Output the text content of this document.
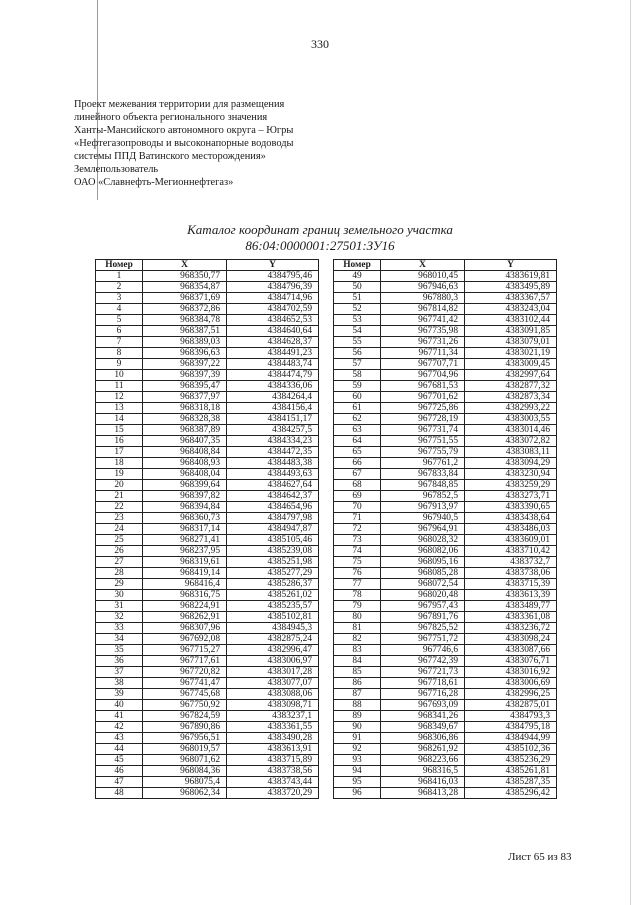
330
Проект межевания территории для размещения
линейного объекта регионального значения
Ханты-Мансийского автономного округа – Югры
«Нефтегазопроводы и высоконапорные водоводы
системы ППД Ватинского месторождения»
Землепользователь
ОАО «Славнефть-Мегионнефтегаз»
Каталог координат границ земельного участка
86:04:0000001:27501:ЗУ16
Номер	X	Y
1	968350,77	4384795,46
2	968354,87	4384796,39
3	968371,69	4384714,96
4	968372,86	4384702,59
5	968384,78	4384652,53
6	968387,51	4384640,64
7	968389,03	4384628,37
8	968396,63	4384491,23
9	968397,22	4384483,74
10	968397,39	4384474,79
11	968395,47	4384336,06
12	968377,97	4384264,4
13	968318,18	4384156,4
14	968328,38	4384151,17
15	968387,89	4384257,5
16	968407,35	4384334,23
17	968408,84	4384472,35
18	968408,93	4384483,38
19	968408,04	4384493,63
20	968399,64	4384627,64
21	968397,82	4384642,37
22	968394,84	4384654,96
23	968360,73	4384797,98
24	968317,14	4384947,87
25	968271,41	4385105,46
26	968237,95	4385239,08
27	968319,61	4385251,98
28	968419,14	4385277,29
29	968416,4	4385286,37
30	968316,75	4385261,02
31	968224,91	4385235,57
32	968262,91	4385102,81
33	968307,96	4384945,3
34	967692,08	4382875,24
35	967715,27	4382996,47
36	967717,61	4383006,97
37	967720,82	4383017,28
38	967741,47	4383077,07
39	967745,68	4383088,06
40	967750,92	4383098,71
41	967824,59	4383237,1
42	967890,86	4383361,55
43	967956,51	4383490,28
44	968019,57	4383613,91
45	968071,62	4383715,89
46	968084,36	4383738,56
47	968075,4	4383743,44
48	968062,34	4383720,29
Номер	X	Y
49	968010,45	4383619,81
50	967946,63	4383495,89
51	967880,3	4383367,57
52	967814,82	4383243,04
53	967741,42	4383102,44
54	967735,98	4383091,85
55	967731,26	4383079,01
56	967711,34	4383021,19
57	967707,71	4383009,45
58	967704,96	4382997,64
59	967681,53	4382877,32
60	967701,62	4382873,34
61	967725,86	4382993,22
62	967728,19	4383003,55
63	967731,74	4383014,46
64	967751,55	4383072,82
65	967755,79	4383083,11
66	967761,2	4383094,29
67	967833,84	4383230,94
68	967848,85	4383259,29
69	967852,5	4383273,71
70	967913,97	4383390,65
71	967940,5	4383438,64
72	967964,91	4383486,03
73	968028,32	4383609,01
74	968082,06	4383710,42
75	968095,16	4383732,7
76	968085,28	4383738,06
77	968072,54	4383715,39
78	968020,48	4383613,39
79	967957,43	4383489,77
80	967891,76	4383361,08
81	967825,52	4383236,72
82	967751,72	4383098,24
83	967746,6	4383087,66
84	967742,39	4383076,71
85	967721,73	4383016,92
86	967718,61	4383006,69
87	967716,28	4382996,25
88	967693,09	4382875,01
89	968341,26	4384793,3
90	968349,67	4384795,18
91	968306,86	4384944,99
92	968261,92	4385102,36
93	968223,66	4385236,29
94	968316,5	4385261,81
95	968416,03	4385287,35
96	968413,28	4385296,42
Лист 65 из 83
